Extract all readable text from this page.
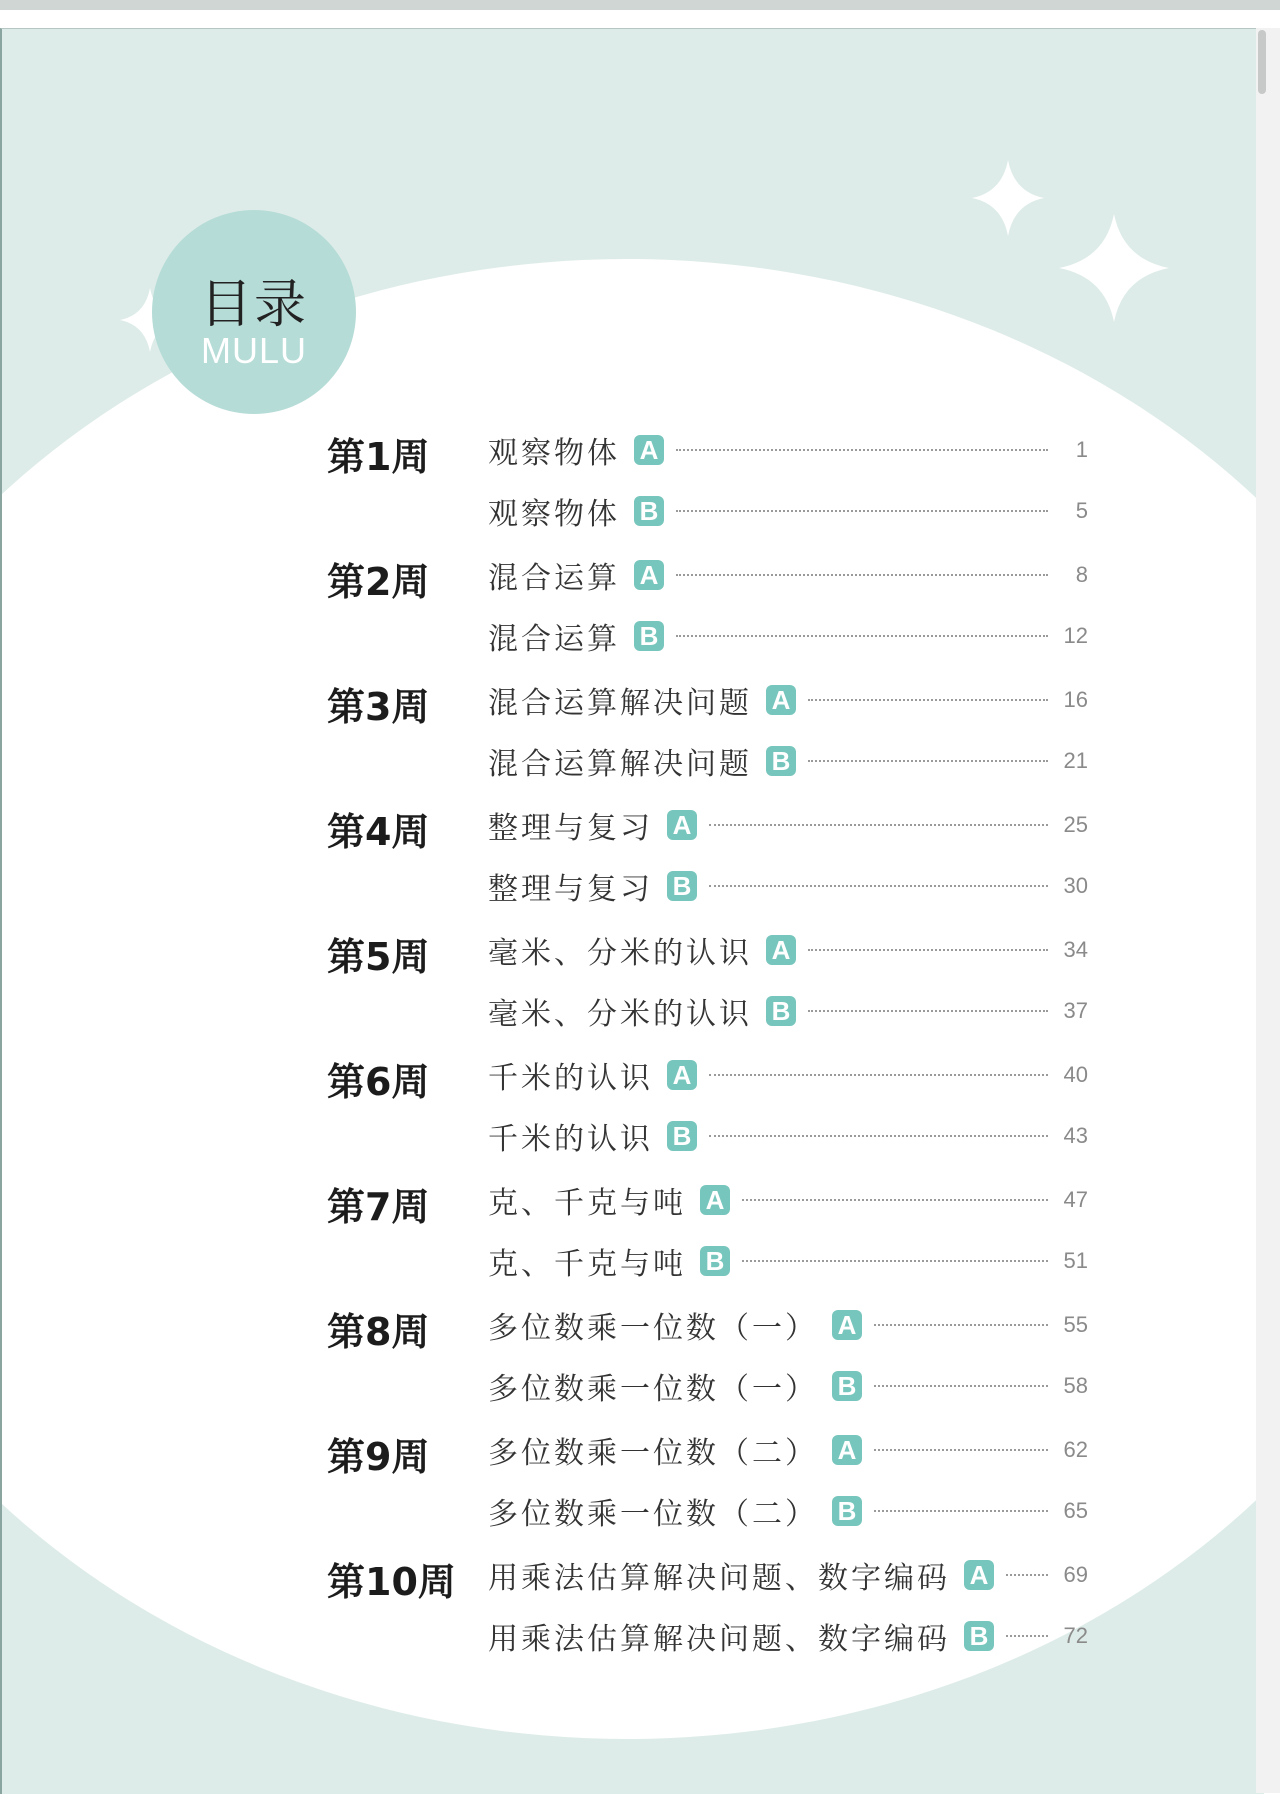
目录
MULU
第1周	观察物体 A	1
观察物体 B	5
第2周	混合运算 A	8
混合运算 B	12
第3周	混合运算解决问题 A	16
混合运算解决问题 B	21
第4周	整理与复习 A	25
整理与复习 B	30
第5周	毫米、分米的认识 A	34
毫米、分米的认识 B	37
第6周	千米的认识 A	40
千米的认识 B	43
第7周	克、千克与吨 A	47
克、千克与吨 B	51
第8周	多位数乘一位数（一） A	55
多位数乘一位数（一） B	58
第9周	多位数乘一位数（二） A	62
多位数乘一位数（二） B	65
第10周	用乘法估算解决问题、数字编码 A	69
用乘法估算解决问题、数字编码 B	72
